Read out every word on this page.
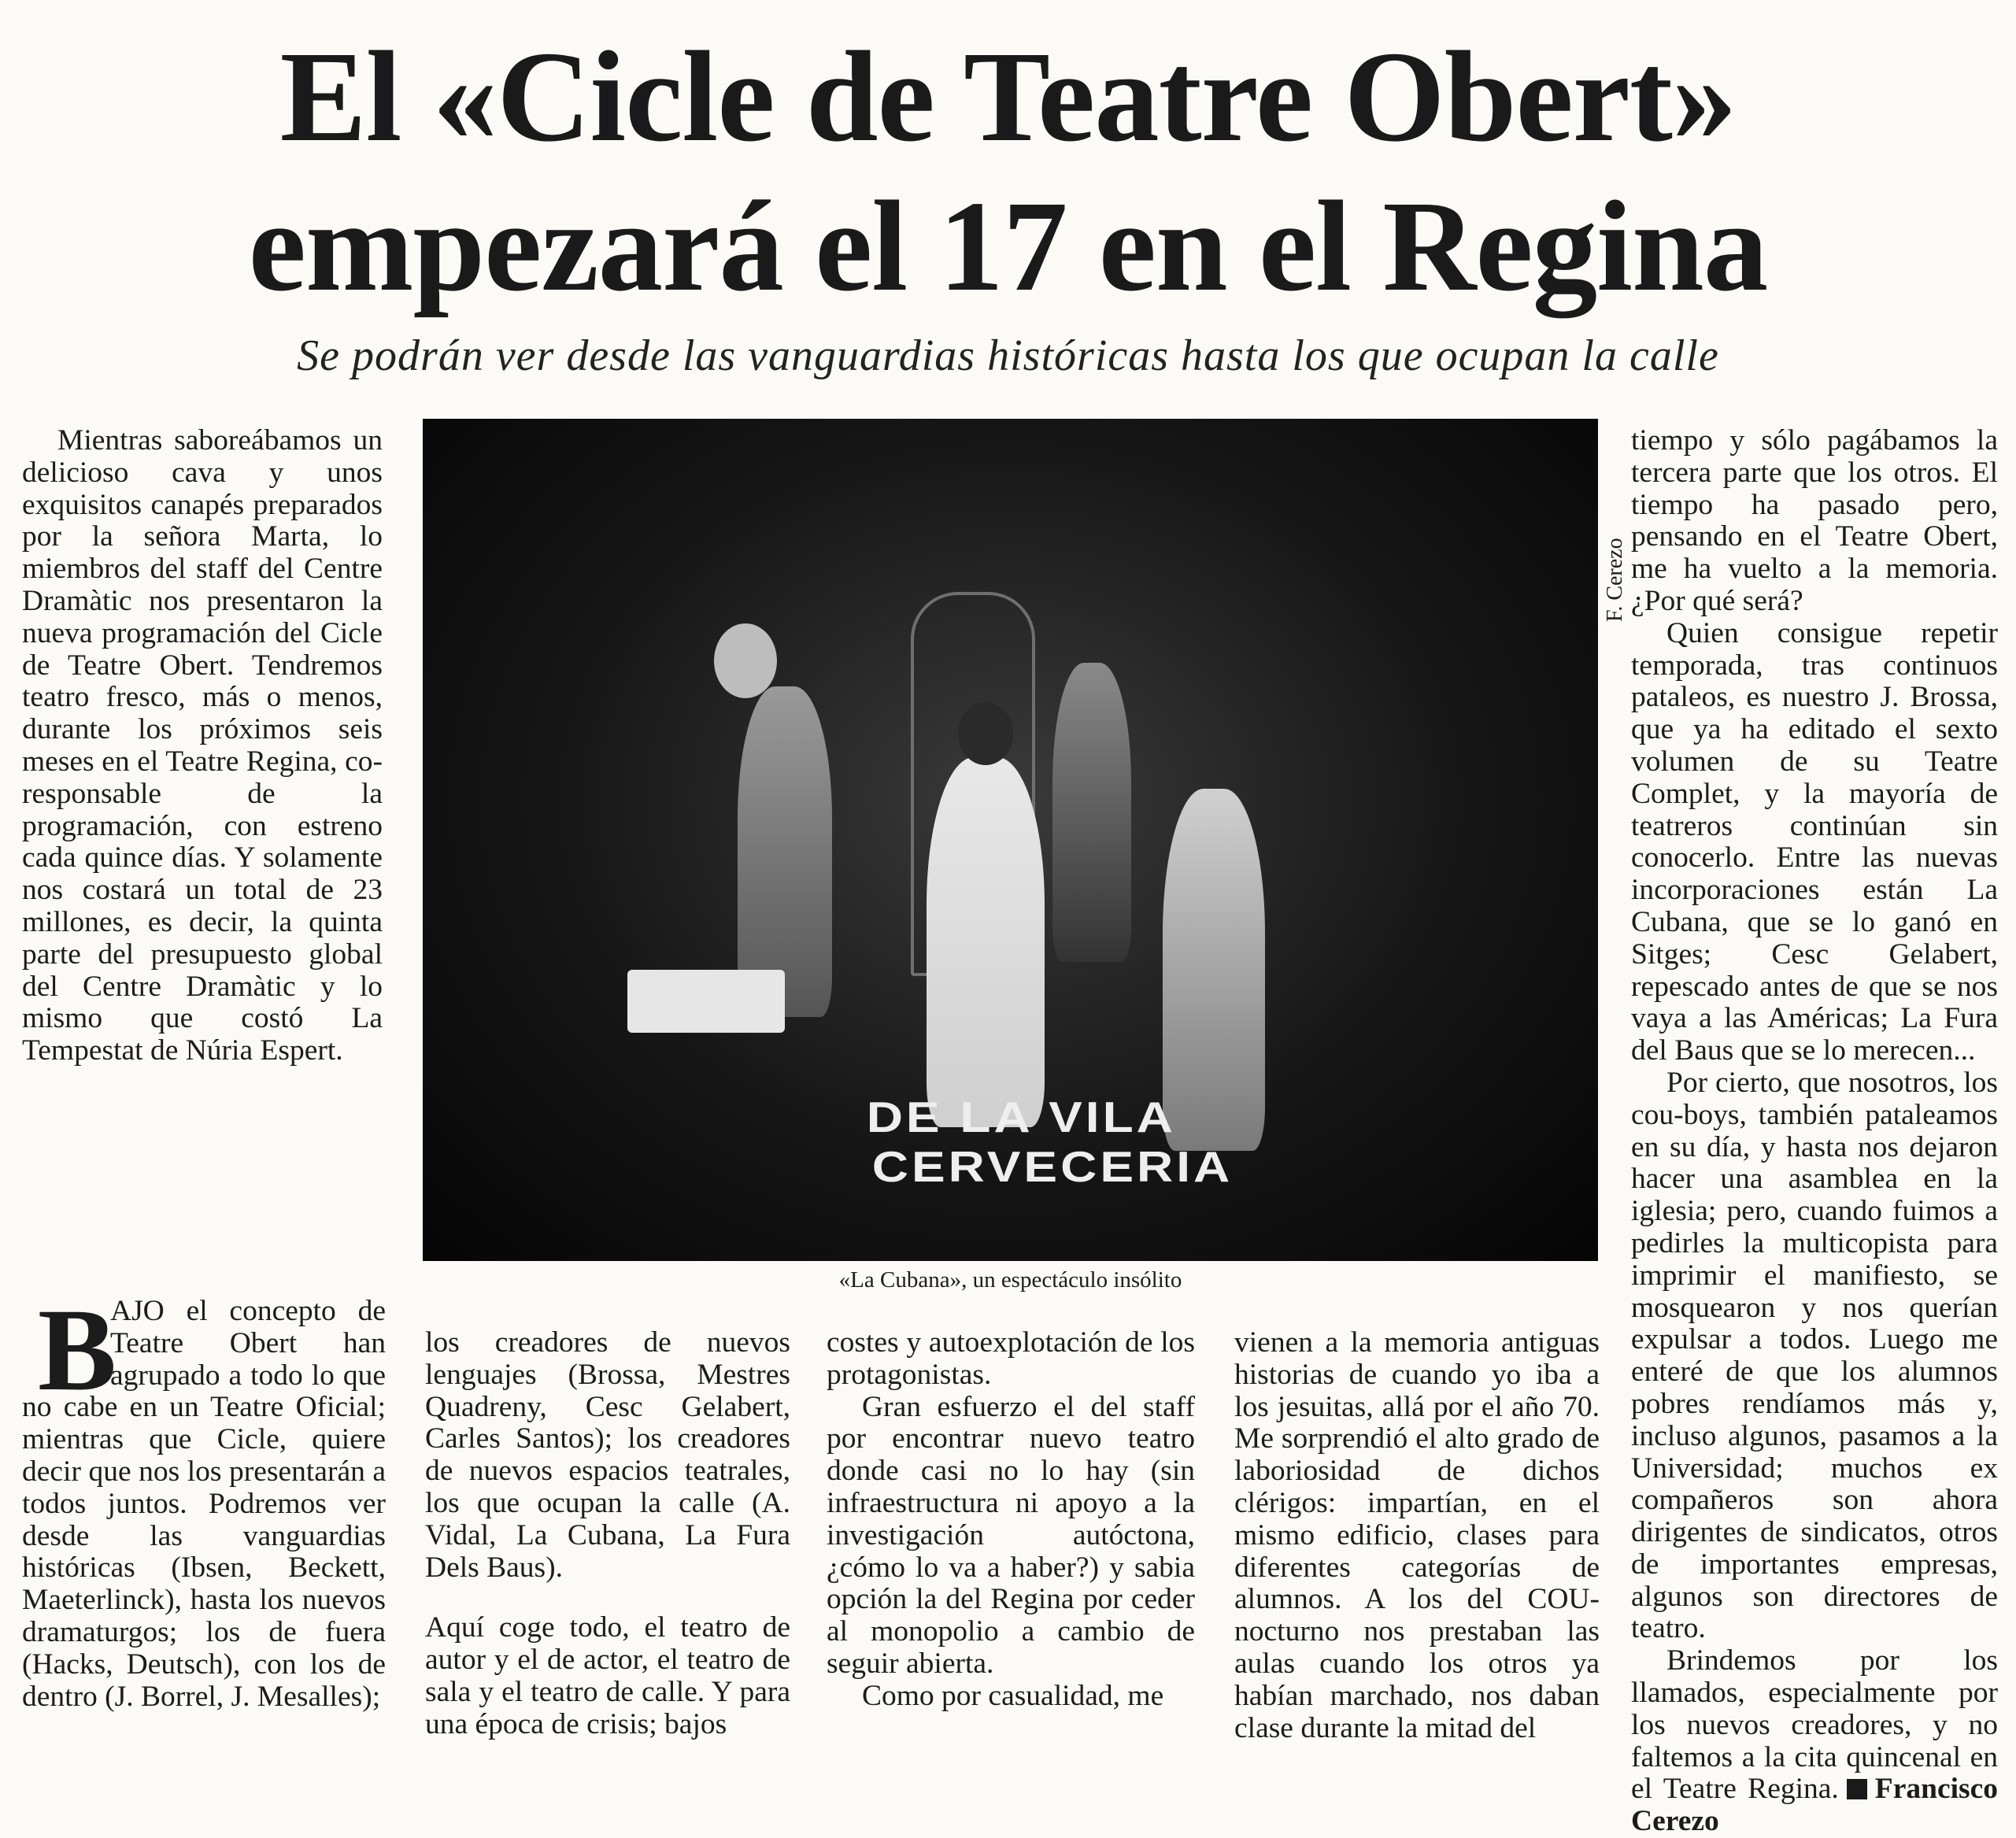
El «Cicle de Teatre Obert»
empezará el 17 en el Regina
Se podrán ver desde las vanguardias históricas hasta los que ocupan la calle

Mientras saboreábamos un delicioso cava y unos exquisitos canapés preparados por la señora Marta, lo miembros del staff del Centre Dramàtic nos presentaron la nueva programación del Cicle de Teatre Obert. Tendremos teatro fresco, más o menos, durante los próximos seis meses en el Teatre Regina, co-responsable de la programación, con estreno cada quince días. Y solamente nos costará un total de 23 millones, es decir, la quinta parte del presupuesto global del Centre Dramàtic y lo mismo que costó La Tempestat de Núria Espert.

DE LA VILA  CERVECERIA
F. Cerezo
«La Cubana», un espectáculo insólito

tiempo y sólo pagábamos la tercera parte que los otros. El tiempo ha pasado pero, pensando en el Teatre Obert, me ha vuelto a la memoria. ¿Por qué será?

Quien consigue repetir temporada, tras continuos pataleos, es nuestro J. Brossa, que ya ha editado el sexto volumen de su Teatre Complet, y la mayoría de teatreros continúan sin conocerlo. Entre las nuevas incorporaciones están La Cubana, que se lo ganó en Sitges; Cesc Gelabert, repescado antes de que se nos vaya a las Américas; La Fura del Baus que se lo merecen...

Por cierto, que nosotros, los cou-boys, también pataleamos en su día, y hasta nos dejaron hacer una asamblea en la iglesia; pero, cuando fuimos a pedirles la multicopista para imprimir el manifiesto, se mosquearon y nos querían expulsar a todos. Luego me enteré de que los alumnos pobres rendíamos más y, incluso algunos, pasamos a la Universidad; muchos ex compañeros son ahora dirigentes de sindicatos, otros de importantes empresas, algunos son directores de teatro.

Brindemos por los llamados, especialmente por los nuevos creadores, y no faltemos a la cita quincenal en el Teatre Regina. Francisco Cerezo

B

AJO el concepto de Teatre Obert han agrupado a todo lo que no cabe en un Teatre Oficial; mientras que Cicle, quiere decir que nos los presentarán a todos juntos. Podremos ver desde las vanguardias históricas (Ibsen, Beckett, Maeterlinck), hasta los nuevos dramaturgos; los de fuera (Hacks, Deutsch), con los de dentro (J. Borrel, J. Mesalles);

los creadores de nuevos lenguajes (Brossa, Mestres Quadreny, Cesc Gelabert, Carles Santos); los creadores de nuevos espacios teatrales, los que ocupan la calle (A. Vidal, La Cubana, La Fura Dels Baus).

Aquí coge todo, el teatro de autor y el de actor, el teatro de sala y el teatro de calle. Y para una época de crisis; bajos

costes y autoexplotación de los protagonistas.

Gran esfuerzo el del staff por encontrar nuevo teatro donde casi no lo hay (sin infraestructura ni apoyo a la investigación autóctona, ¿cómo lo va a haber?) y sabia opción la del Regina por ceder al monopolio a cambio de seguir abierta.

Como por casualidad, me

vienen a la memoria antiguas historias de cuando yo iba a los jesuitas, allá por el año 70. Me sorprendió el alto grado de laboriosidad de dichos clérigos: impartían, en el mismo edificio, clases para diferentes categorías de alumnos. A los del COU-nocturno nos prestaban las aulas cuando los otros ya habían marchado, nos daban clase durante la mitad del
